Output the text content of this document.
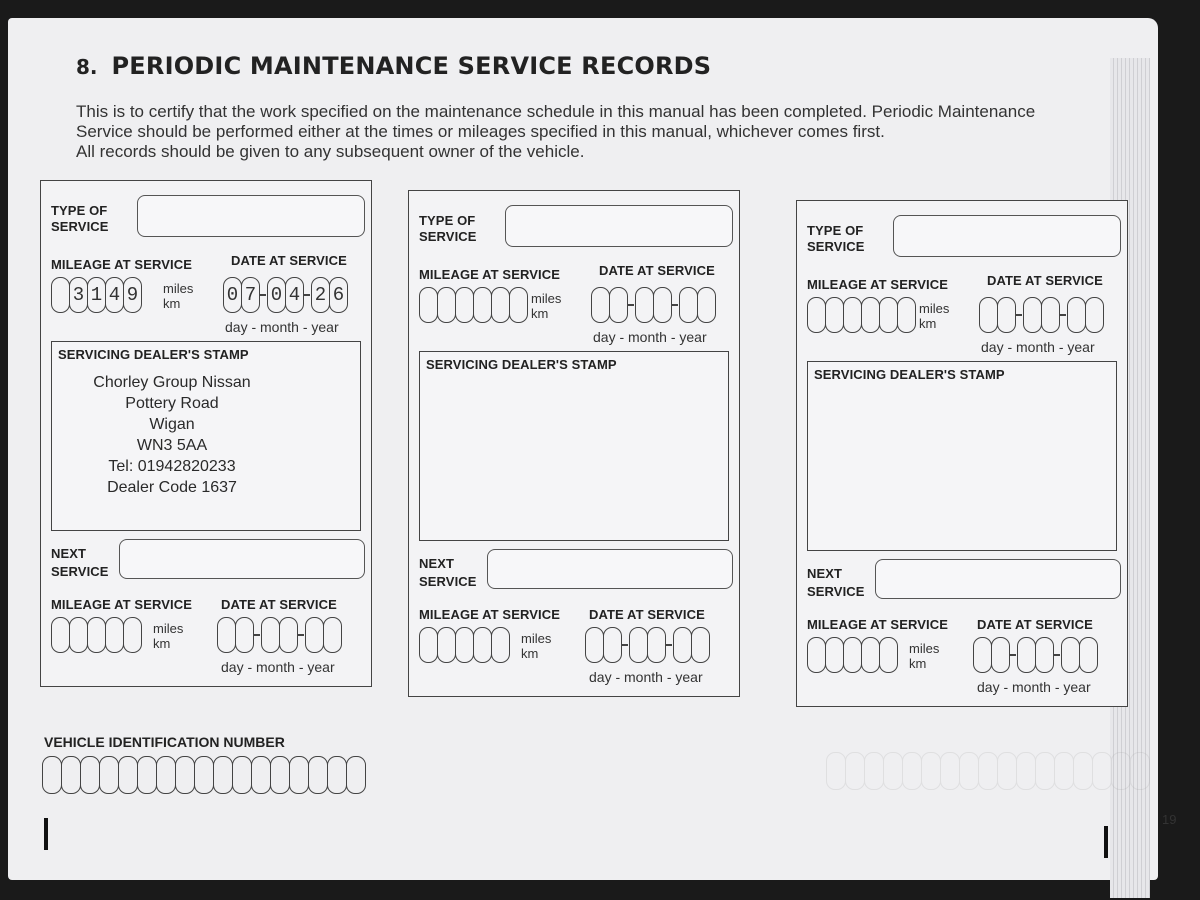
8. PERIODIC MAINTENANCE SERVICE RECORDS

This is to certify that the work specified on the maintenance schedule in this manual has been completed. Periodic Maintenance

Service should be performed either at the times or mileages specified in this manual, whichever comes first.

All records should be given to any subsequent owner of the vehicle.

TYPE OF SERVICE
MILEAGE AT SERVICE	DATE AT SERVICE
3 1 4 9 miles
km	0 7 0 4 2 6
day - month - year
SERVICING DEALER'S STAMP
Chorley Group Nissan
Pottery Road
Wigan
WN3 5AA
Tel: 01942820233
Dealer Code 1637
NEXT SERVICE
MILEAGE AT SERVICE DATE AT SERVICE
miles
km
day - month - year
TYPE OF SERVICE
MILEAGE AT SERVICE	DATE AT SERVICE
miles
km
day - month - year
SERVICING DEALER'S STAMP
NEXT SERVICE
MILEAGE AT SERVICE DATE AT SERVICE
miles
km
day - month - year
TYPE OF SERVICE
MILEAGE AT SERVICE	DATE AT SERVICE
miles
km
day - month - year
SERVICING DEALER'S STAMP
NEXT SERVICE
MILEAGE AT SERVICE DATE AT SERVICE
miles
km
day - month - year
VEHICLE IDENTIFICATION NUMBER
19
